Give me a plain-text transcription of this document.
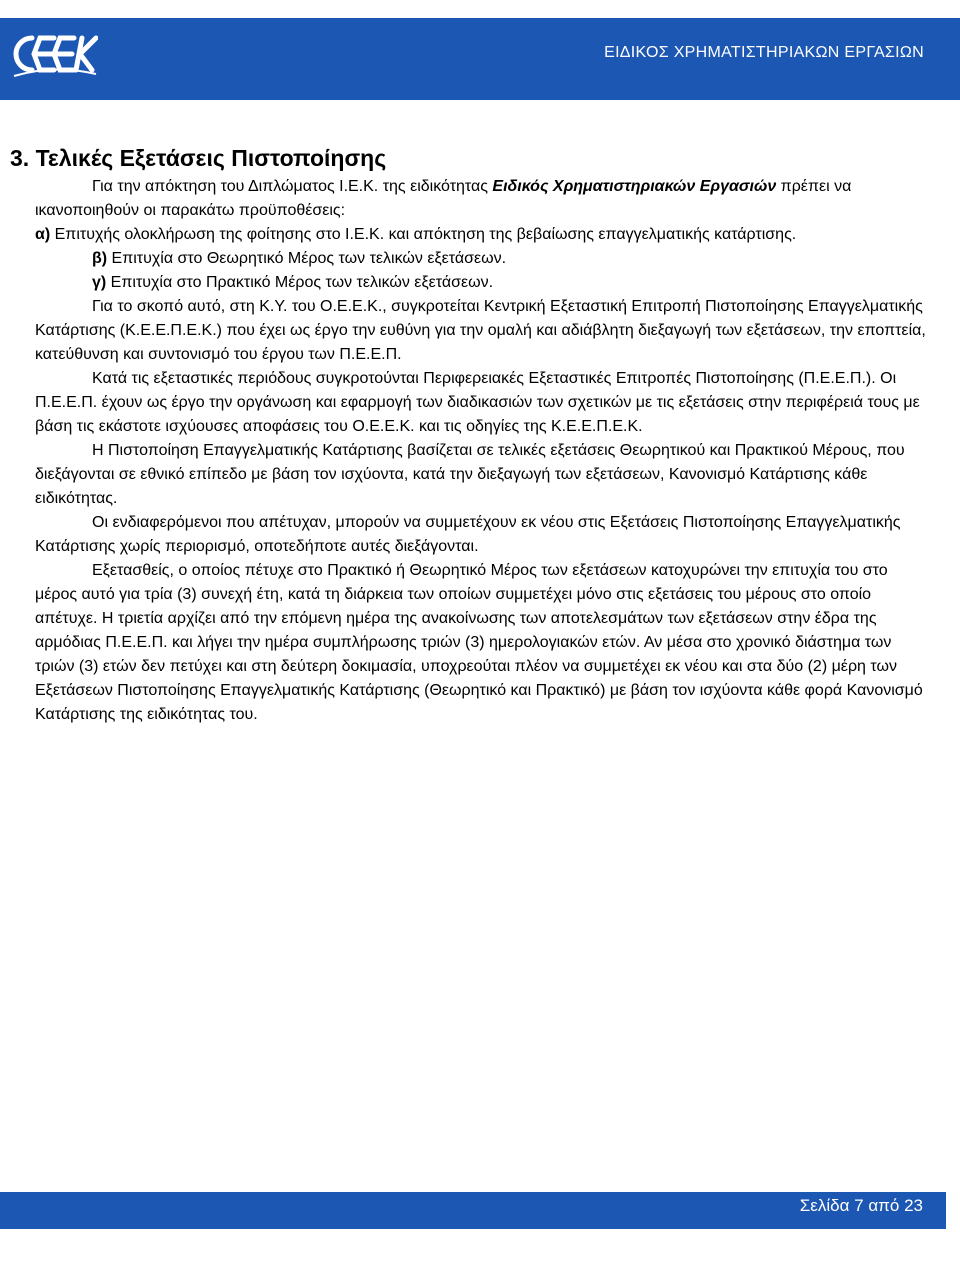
ΕΙΔΙΚΟΣ ΧΡΗΜΑΤΙΣΤΗΡΙΑΚΩΝ ΕΡΓΑΣΙΩΝ
3. Τελικές Εξετάσεις Πιστοποίησης

Για την απόκτηση του Διπλώματος Ι.Ε.Κ. της ειδικότητας Ειδικός Χρηματιστηριακών Εργασιών πρέπει να ικανοποιηθούν οι παρακάτω προϋποθέσεις:

α) Επιτυχής ολοκλήρωση της φοίτησης στο Ι.Ε.Κ. και απόκτηση της βεβαίωσης επαγγελματικής κατάρτισης.

β) Επιτυχία στο Θεωρητικό Μέρος των τελικών εξετάσεων.

γ) Επιτυχία στο Πρακτικό Μέρος των τελικών εξετάσεων.

Για το σκοπό αυτό, στη Κ.Υ. του Ο.Ε.Ε.Κ., συγκροτείται Κεντρική Εξεταστική Επιτροπή Πιστοποίησης Επαγγελματικής Κατάρτισης (Κ.Ε.Ε.Π.Ε.Κ.) που έχει ως έργο την ευθύνη για την ομαλή και αδιάβλητη διεξαγωγή των εξετάσεων, την εποπτεία, κατεύθυνση και συντονισμό του έργου των Π.Ε.Ε.Π.

Κατά τις εξεταστικές περιόδους συγκροτούνται Περιφερειακές Εξεταστικές Επιτροπές Πιστοποίησης (Π.Ε.Ε.Π.). Οι Π.Ε.Ε.Π. έχουν ως έργο την οργάνωση και εφαρμογή των διαδικασιών των σχετικών με τις εξετάσεις στην περιφέρειά τους με βάση τις εκάστοτε ισχύουσες αποφάσεις του Ο.Ε.Ε.Κ. και τις οδηγίες της Κ.Ε.Ε.Π.Ε.Κ.

Η Πιστοποίηση Επαγγελματικής Κατάρτισης βασίζεται σε τελικές εξετάσεις Θεωρητικού και Πρακτικού Μέρους, που διεξάγονται σε εθνικό επίπεδο με βάση τον ισχύοντα, κατά την διεξαγωγή των εξετάσεων, Κανονισμό Κατάρτισης κάθε ειδικότητας.

Οι ενδιαφερόμενοι που απέτυχαν, μπορούν να συμμετέχουν εκ νέου στις Εξετάσεις Πιστοποίησης Επαγγελματικής Κατάρτισης χωρίς περιορισμό, οποτεδήποτε αυτές διεξάγονται.

Εξετασθείς, ο οποίος πέτυχε στο Πρακτικό ή Θεωρητικό Μέρος των εξετάσεων κατοχυρώνει την επιτυχία του στο μέρος αυτό για τρία (3) συνεχή έτη, κατά τη διάρκεια των οποίων συμμετέχει μόνο στις εξετάσεις του μέρους στο οποίο απέτυχε. Η τριετία αρχίζει από την επόμενη ημέρα της ανακοίνωσης των αποτελεσμάτων των εξετάσεων στην έδρα της αρμόδιας Π.Ε.Ε.Π. και λήγει την ημέρα συμπλήρωσης τριών (3) ημερολογιακών ετών. Αν μέσα στο χρονικό διάστημα των τριών (3) ετών δεν πετύχει και στη δεύτερη δοκιμασία, υποχρεούται πλέον να συμμετέχει εκ νέου και στα δύο (2) μέρη των Εξετάσεων Πιστοποίησης Επαγγελματικής Κατάρτισης (Θεωρητικό και Πρακτικό) με βάση τον ισχύοντα κάθε φορά Κανονισμό Κατάρτισης της ειδικότητας του.

Σελίδα 7 από 23
